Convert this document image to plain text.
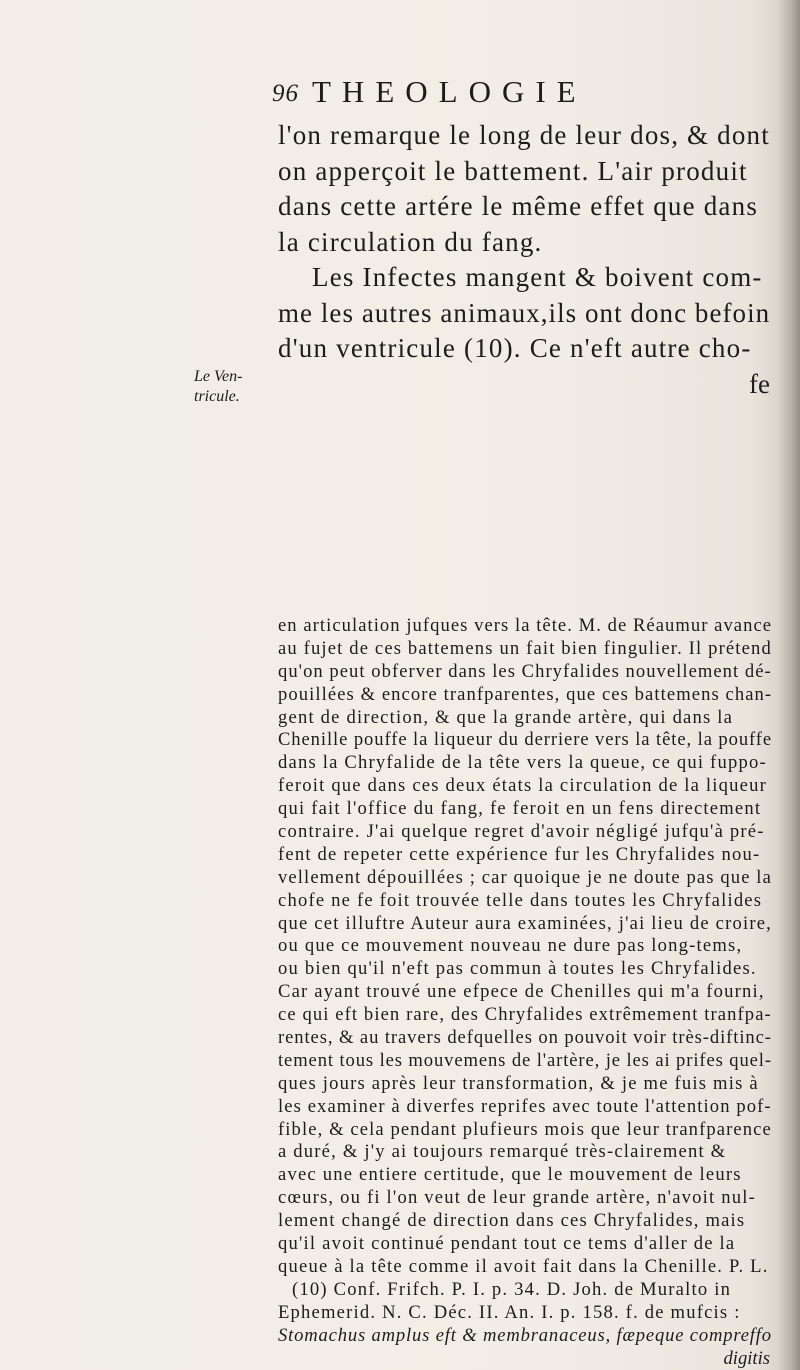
96 THEOLOGIE
Le Ven-
tricule.
l'on remarque le long de leur dos, & dont
on apperçoit le battement. L'air produit
dans cette artére le même effet que dans
la circulation du fang.
Les Infectes mangent & boivent com-
me les autres animaux,ils ont donc befoin
d'un ventricule (10). Ce n'eft autre cho-
fe
en articulation jufques vers la tête. M. de Réaumur avance
au fujet de ces battemens un fait bien fingulier. Il prétend
qu'on peut obferver dans les Chryfalides nouvellement dé-
pouillées & encore tranfparentes, que ces battemens chan-
gent de direction, & que la grande artère, qui dans la
Chenille pouffe la liqueur du derriere vers la tête, la pouffe
dans la Chryfalide de la tête vers la queue, ce qui fuppo-
feroit que dans ces deux états la circulation de la liqueur
qui fait l'office du fang, fe feroit en un fens directement
contraire. J'ai quelque regret d'avoir négligé jufqu'à pré-
fent de repeter cette expérience fur les Chryfalides nou-
vellement dépouillées ; car quoique je ne doute pas que la
chofe ne fe foit trouvée telle dans toutes les Chryfalides
que cet illuftre Auteur aura examinées, j'ai lieu de croire,
ou que ce mouvement nouveau ne dure pas long-tems,
ou bien qu'il n'eft pas commun à toutes les Chryfalides.
Car ayant trouvé une efpece de Chenilles qui m'a fourni,
ce qui eft bien rare, des Chryfalides extrêmement tranfpa-
rentes, & au travers defquelles on pouvoit voir très-diftinc-
tement tous les mouvemens de l'artère, je les ai prifes quel-
ques jours après leur transformation, & je me fuis mis à
les examiner à diverfes reprifes avec toute l'attention pof-
fible, & cela pendant plufieurs mois que leur tranfparence
a duré, & j'y ai toujours remarqué très-clairement &
avec une entiere certitude, que le mouvement de leurs
cœurs, ou fi l'on veut de leur grande artère, n'avoit nul-
lement changé de direction dans ces Chryfalides, mais
qu'il avoit continué pendant tout ce tems d'aller de la
queue à la tête comme il avoit fait dans la Chenille. P. L.
(10) Conf. Frifch. P. I. p. 34. D. Joh. de Muralto in
Ephemerid. N. C. Déc. II. An. I. p. 158. f. de mufcis :
Stomachus amplus eft & membranaceus, fæpeque compreffo
digitis
